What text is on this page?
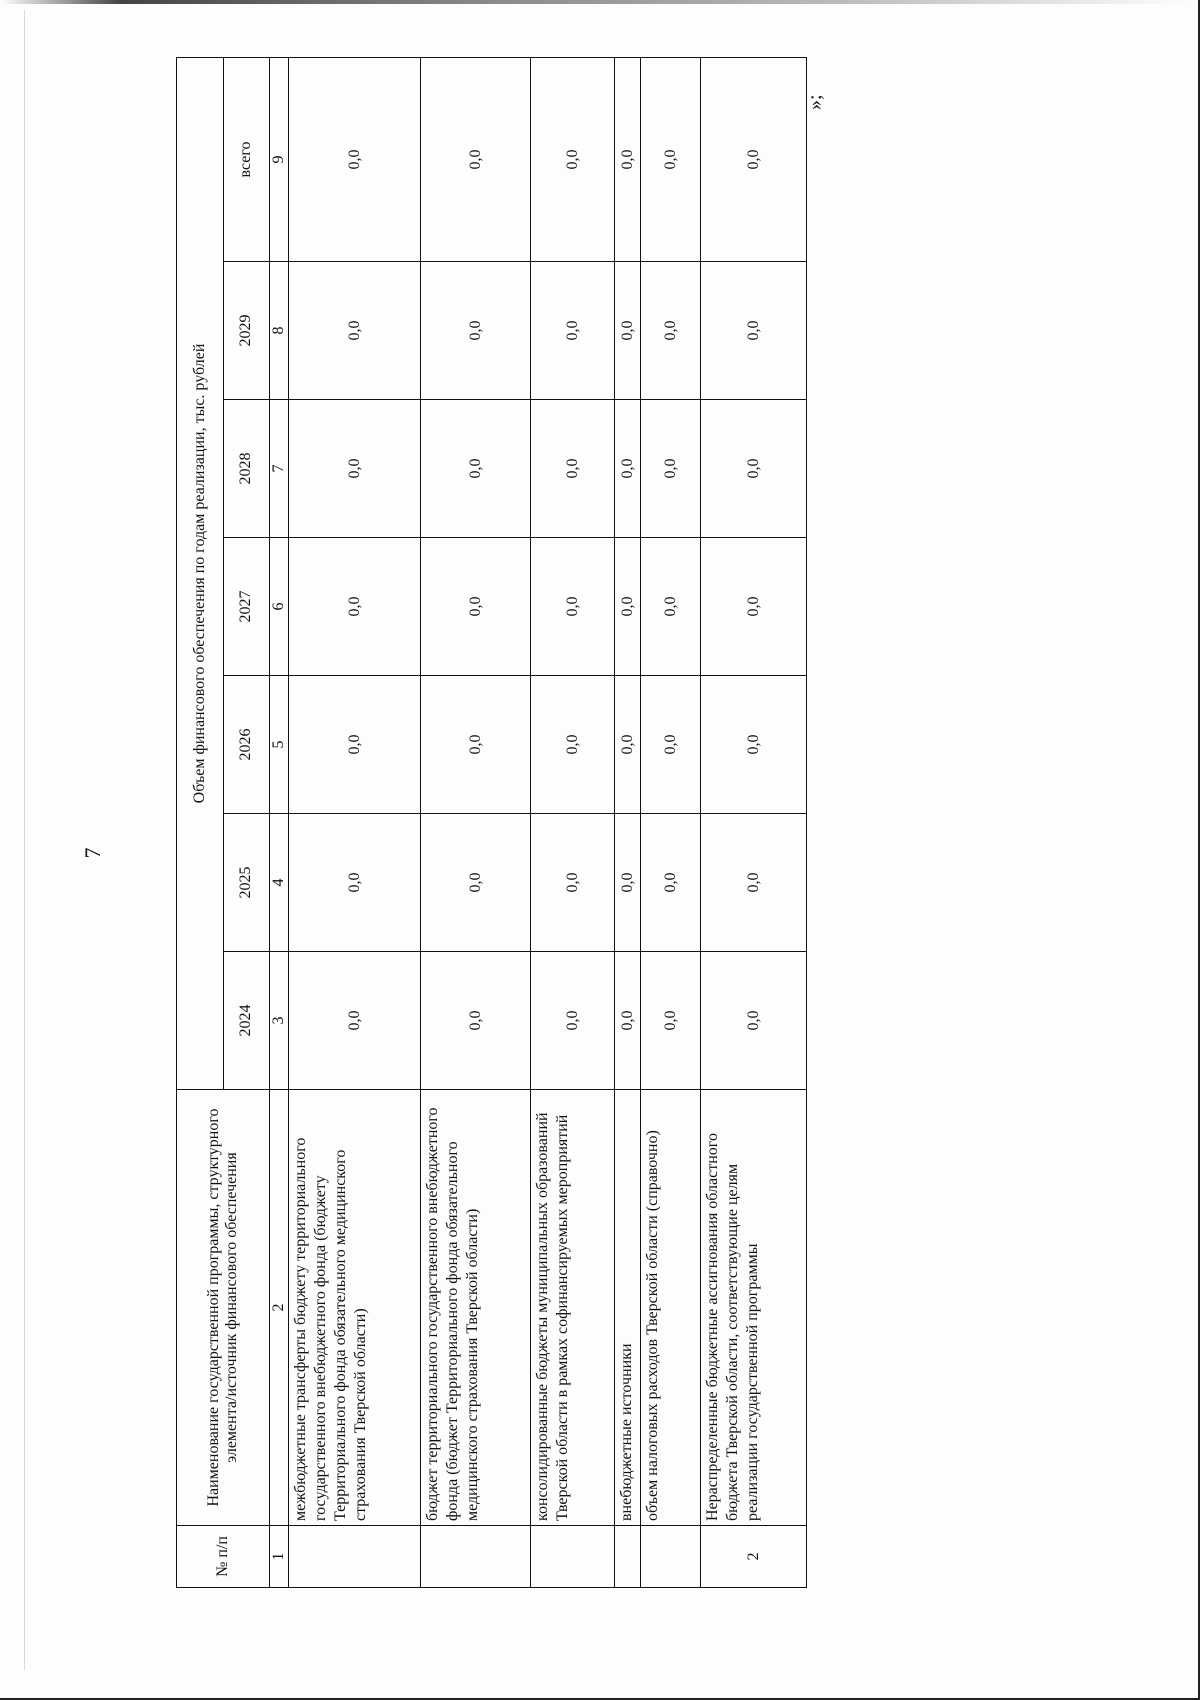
7
№ п/п	Наименование государственной программы, структурного элемента/источник финансового обеспечения	Объем финансового обеспечения по годам реализации, тыс. рублей						
		2024	2025	2026	2027	2028	2029	всего
1	2	3	4	5	6	7	8	9
	межбюджетные трансферты бюджету территориального государственного внебюджетного фонда (бюджету Территориального фонда обязательного медицинского страхования Тверской области)	0,0	0,0	0,0	0,0	0,0	0,0	0,0
	бюджет территориального государственного внебюджетного фонда (бюджет Территориального фонда обязательного медицинского страхования Тверской области)	0,0	0,0	0,0	0,0	0,0	0,0	0,0
	консолидированные бюджеты муниципальных образований Тверской области в рамках софинансируемых мероприятий	0,0	0,0	0,0	0,0	0,0	0,0	0,0
	внебюджетные источники	0,0	0,0	0,0	0,0	0,0	0,0	0,0
	объем налоговых расходов Тверской области (справочно)	0,0	0,0	0,0	0,0	0,0	0,0	0,0
2	Нераспределенные бюджетные ассигнования областного бюджета Тверской области, соответствующие целям реализации государственной программы	0,0	0,0	0,0	0,0	0,0	0,0	0,0
»;
